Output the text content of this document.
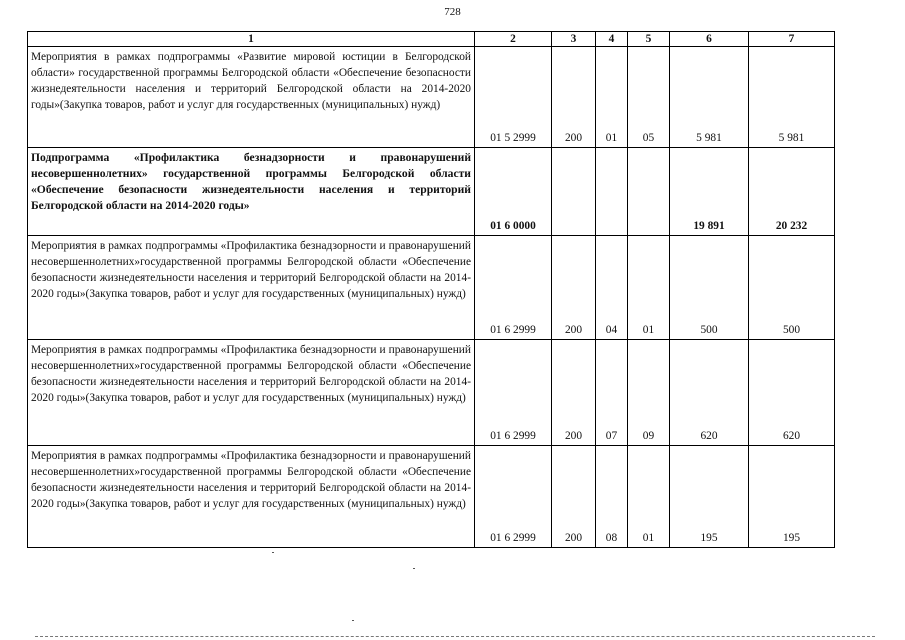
728
1	2	3	4	5	6	7
Мероприятия в рамках подпрограммы «Развитие мировой юстиции в Белгородской области» государственной программы Белгородской области «Обеспечение безопасности жизнедеятельности населения и территорий Белгородской области на 2014-2020 годы»(Закупка товаров, работ и услуг для государственных (муниципальных) нужд)	01 5 2999	200	01	05	5 981	5 981
Подпрограмма «Профилактика безнадзорности и правонарушений несовершеннолетних» государственной программы Белгородской области «Обеспечение безопасности жизнедеятельности населения и территорий Белгородской области на 2014-2020 годы»	01 6 0000				19 891	20 232
Мероприятия в рамках подпрограммы «Профилактика безнадзорности и правонарушений несовершеннолетних»государственной программы Белгородской области «Обеспечение безопасности жизнедеятельности населения и территорий Белгородской области на 2014-2020 годы»(Закупка товаров, работ и услуг для государственных (муниципальных) нужд)	01 6 2999	200	04	01	500	500
Мероприятия в рамках подпрограммы «Профилактика безнадзорности и правонарушений несовершеннолетних»государственной программы Белгородской области «Обеспечение безопасности жизнедеятельности населения и территорий Белгородской области на 2014-2020 годы»(Закупка товаров, работ и услуг для государственных (муниципальных) нужд)	01 6 2999	200	07	09	620	620
Мероприятия в рамках подпрограммы «Профилактика безнадзорности и правонарушений несовершеннолетних»государственной программы Белгородской области «Обеспечение безопасности жизнедеятельности населения и территорий Белгородской области на 2014-2020 годы»(Закупка товаров, работ и услуг для государственных (муниципальных) нужд)	01 6 2999	200	08	01	195	195
